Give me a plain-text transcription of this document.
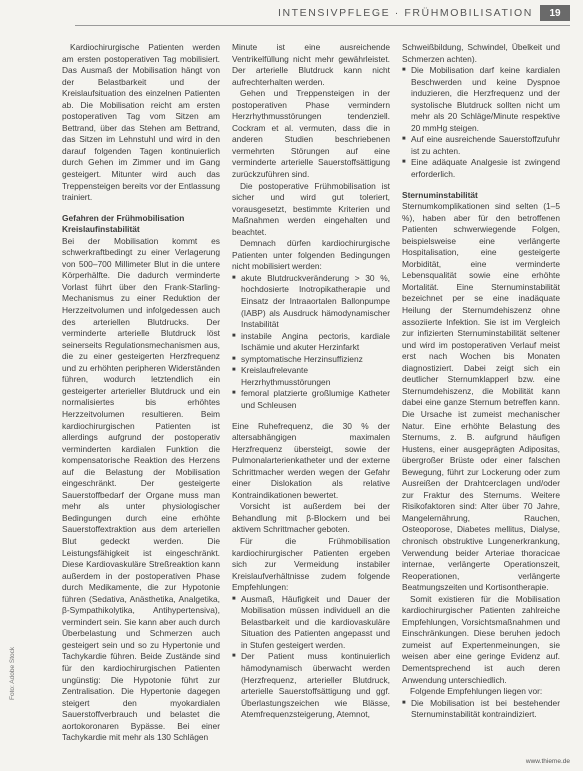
INTENSIVPFLEGE · FRÜHMOBILISATION	19
Foto: Adobe Stock

Kardiochirurgische Patienten werden am ersten postoperativen Tag mobilisiert. Das Ausmaß der Mobilisation hängt von der Belastbarkeit und der Kreislaufsituation des einzelnen Patienten ab. Die Mobilisation reicht am ersten postoperativen Tag vom Sitzen am Bettrand, über das Stehen am Bettrand, das Sitzen im Lehnstuhl und wird in den darauf folgenden Tagen kontinuierlich durch Gehen im Zimmer und im Gang gesteigert. Mitunter wird auch das Treppensteigen bereits vor der Entlassung trainiert.

Gefahren der Frühmobilisation
Kreislaufinstabilität

Bei der Mobilisation kommt es schwerkraftbedingt zu einer Verlagerung von 500–700 Millimeter Blut in die untere Körperhälfte. Die dadurch verminderte Vorlast führt über den Frank-Starling-Mechanismus zu einer Reduktion der Herzzeitvolumen und infolgedessen auch des arteriellen Blutdrucks. Der verminderte arterielle Blutdruck löst seinerseits Regulationsmechanismen aus, die zu einer gesteigerten Herzfrequenz und zu erhöhten peripheren Widerständen führen, wodurch letztendlich ein gesteigerter arterieller Blutdruck und ein normalisiertes bis erhöhtes Herzzeitvolumen resultieren. Beim kardiochirurgischen Patienten ist allerdings aufgrund der postoperativ verminderten kardialen Funktion die kompensatorische Reaktion des Herzens auf die Belastung der Mobilisation eingeschränkt. Der gesteigerte Sauerstoffbedarf der Organe muss man mehr als unter physiologischer Bedingungen durch eine erhöhte Sauerstoffextraktion aus dem arteriellen Blut gedeckt werden. Die Leistungsfähigkeit ist eingeschränkt. Diese Kardiovaskuläre Streßreaktion kann außerdem in der postoperativen Phase durch Medikamente, die zur Hypotonie führen (Sedativa, Anästhetika, Analgetika, β-Sympathikolytika, Antihypertensiva), vermindert sein. Sie kann aber auch durch Überbelastung und Schmerzen auch gesteigert sein und so zu Hypertonie und Tachykardie führen. Beide Zustände sind für den kardiochirurgischen Patienten ungünstig: Die Hypotonie führt zur Zentralisation. Die Hypertonie dagegen steigert den myokardialen Sauerstoffverbrauch und belastet die aortokoronaren Bypässe. Bei einer Tachykardie mit mehr als 130 Schlägen

Minute ist eine ausreichende Ventrikelfüllung nicht mehr gewährleistet. Der arterielle Blutdruck kann nicht aufrechterhalten werden.

Gehen und Treppensteigen in der postoperativen Phase vermindern Herzrhythmusstörungen tendenziell. Cockram et al. vermuten, dass die in anderen Studien beschriebenen vermehrten Störungen auf eine verminderte arterielle Sauerstoffsättigung zurückzuführen sind.

Die postoperative Frühmobilisation ist sicher und wird gut toleriert, vorausgesetzt, bestimmte Kriterien und Maßnahmen werden eingehalten und beachtet.

Demnach dürfen kardiochirurgische Patienten unter folgenden Bedingungen nicht mobilisiert werden:

■ akute Blutdruckveränderung > 30 %, hochdosierte Inotropikatherapie und Einsatz der Intraaortalen Ballonpumpe (IABP) als Ausdruck hämodynamischer Instabilität
■ instabile Angina pectoris, kardiale Ischämie und akuter Herzinfarkt
■ symptomatische Herzinsuffizienz
■ Kreislaufrelevante Herzrhythmusstörungen
■ femoral platzierte großlumige Katheter und Schleusen

Eine Ruhefrequenz, die 30 % der altersabhängigen maximalen Herzfrequenz übersteigt, sowie der Pulmonalarterienkatheter und der externe Schrittmacher werden wegen der Gefahr einer Dislokation als relative Kontraindikationen bewertet.

Vorsicht ist außerdem bei der Behandlung mit β-Blockern und bei aktivem Schrittmacher geboten.

Für die Frühmobilisation kardiochirurgischer Patienten ergeben sich zur Vermeidung instabiler Kreislaufverhältnisse zudem folgende Empfehlungen:

■ Ausmaß, Häufigkeit und Dauer der Mobilisation müssen individuell an die Belastbarkeit und die kardiovaskuläre Situation des Patienten angepasst und in Stufen gesteigert werden.
■ Der Patient muss kontinuierlich hämodynamisch überwacht werden (Herzfrequenz, arterieller Blutdruck, arterielle Sauerstoffsättigung und ggf. Überlastungszeichen wie Blässe, Atemfrequenzsteigerung, Atemnot,

Schweißbildung, Schwindel, Übelkeit und Schmerzen achten).

■ Die Mobilisation darf keine kardialen Beschwerden und keine Dyspnoe induzieren, die Herzfrequenz und der systolische Blutdruck sollten nicht um mehr als 20 Schläge/Minute respektive 20 mmHg steigen.
■ Auf eine ausreichende Sauerstoffzufuhr ist zu achten.
■ Eine adäquate Analgesie ist zwingend erforderlich.
Sternuminstabilität

Sternumkomplikationen sind selten (1–5 %), haben aber für den betroffenen Patienten schwerwiegende Folgen, beispielsweise eine verlängerte Hospitalisation, eine gesteigerte Morbidität, eine verminderte Lebensqualität sowie eine erhöhte Mortalität. Eine Sternuminstabilität bezeichnet per se eine inadäquate Heilung der Sternumdehiszenz ohne assoziierte Infektion. Sie ist im Vergleich zur infizierten Sternuminstabilität seltener und wird im postoperativen Verlauf meist erst nach Wochen bis Monaten diagnostiziert. Dabei zeigt sich ein deutlicher Sternumklapperl bzw. eine Sternumdehiszenz, die Mobilität kann dabei eine ganze Sternum betreffen kann. Die Ursache ist zumeist mechanischer Natur. Eine erhöhte Belastung des Sternums, z. B. aufgrund häufigen Hustens, einer ausgeprägten Adipositas, übergroßer Brüste oder einer falschen Bewegung, führt zur Lockerung oder zum Ausreißen der Drahtcerclagen und/oder zur Fraktur des Sternums. Weitere Risikofaktoren sind: Alter über 70 Jahre, Mangelernährung, Rauchen, Osteoporose, Diabetes mellitus, Dialyse, chronisch obstruktive Lungenerkrankung, Verwendung beider Arteriae thoracicae internae, verlängerte Operationszeit, Reoperationen, verlängerte Beatmungszeiten und Kortisontherapie.

Somit existieren für die Mobilisation kardiochirurgischer Patienten zahlreiche Empfehlungen, Vorsichtsmaßnahmen und Einschränkungen. Diese beruhen jedoch zumeist auf Expertenmeinungen, sie weisen aber eine geringe Evidenz auf. Dementsprechend ist auch deren Anwendung unterschiedlich.

Folgende Empfehlungen liegen vor:

■ Die Mobilisation ist bei bestehender Sternuminstabilität kontraindiziert.
www.thieme.de
